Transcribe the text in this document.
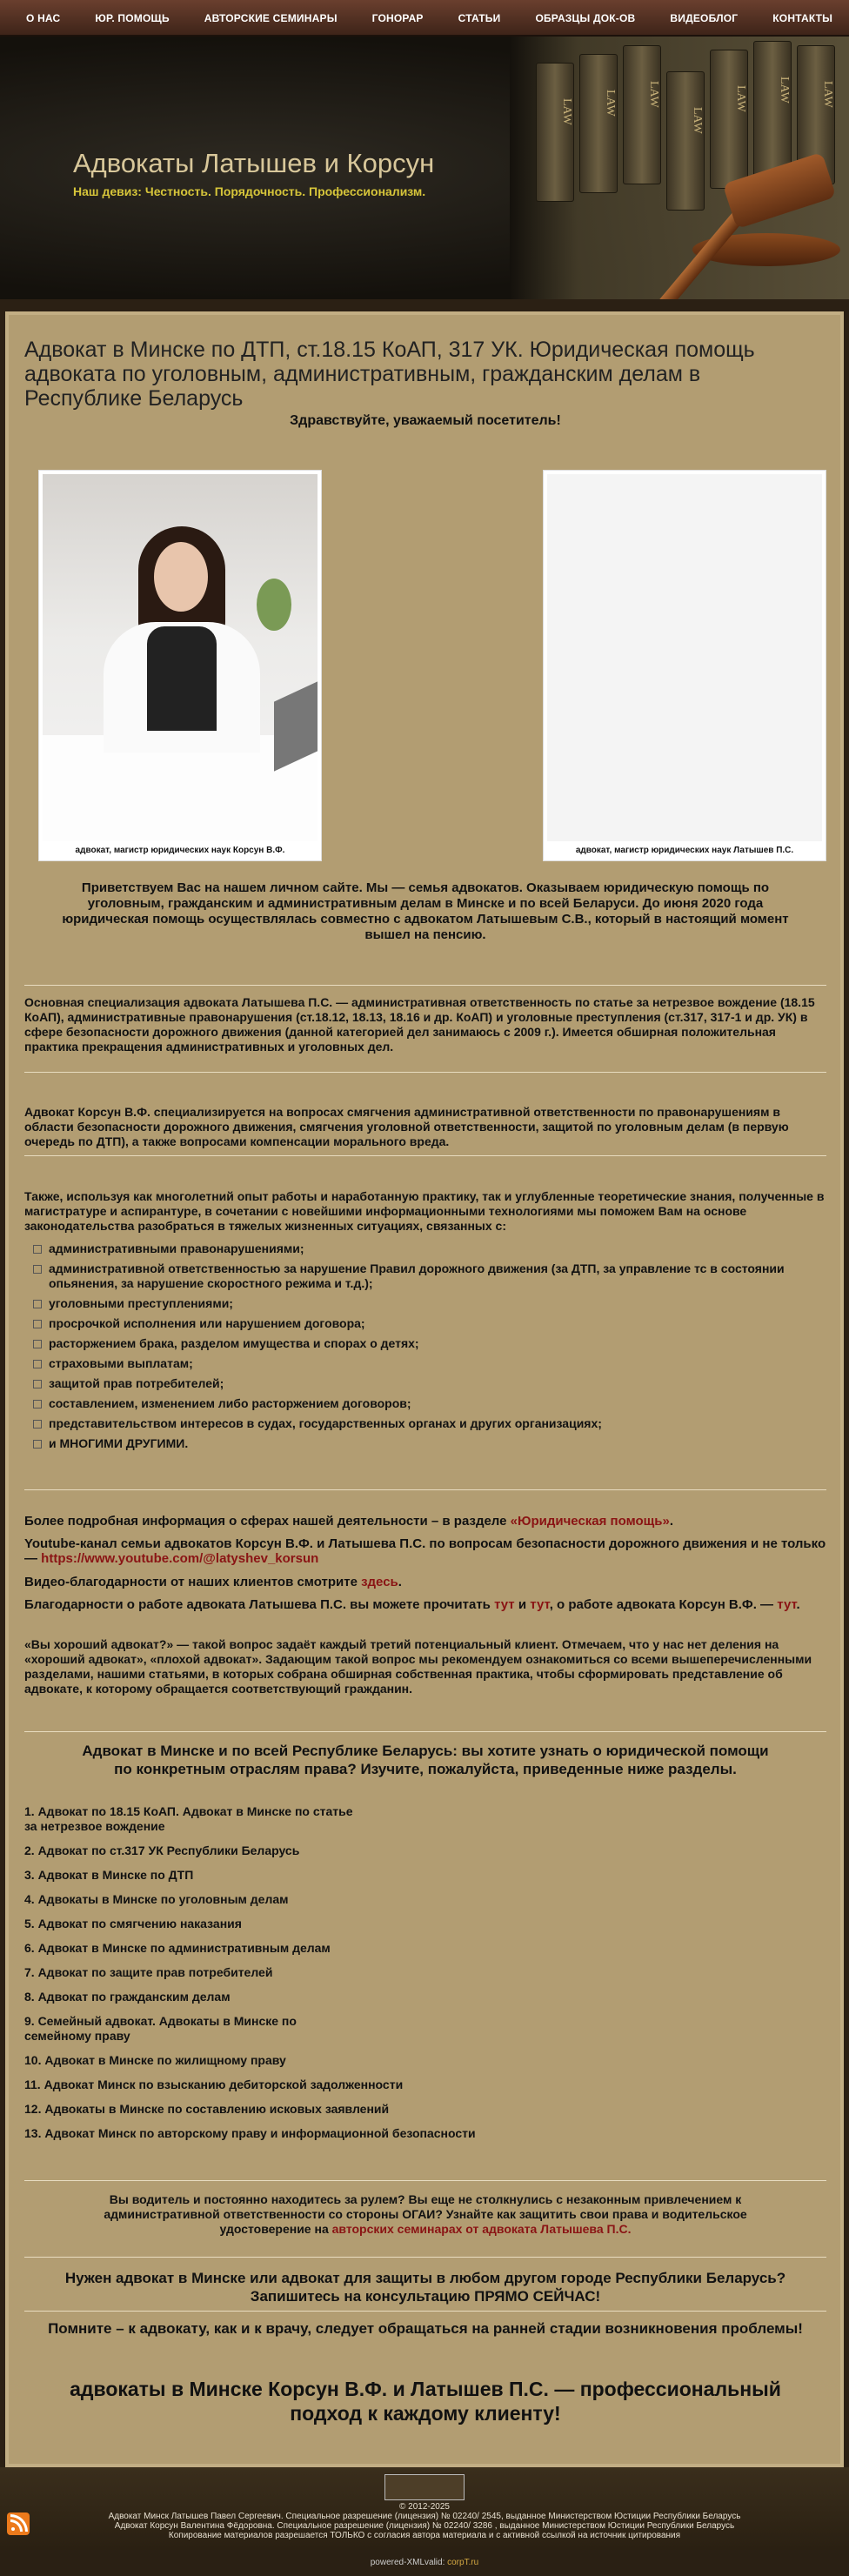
О НАС	ЮР. ПОМОЩЬ	АВТОРСКИЕ СЕМИНАРЫ	ГОНОРАР	СТАТЬИ	ОБРАЗЦЫ ДОК-ОВ	ВИДЕОБЛОГ	КОНТАКТЫ
LAW	LAW	LAW
LAW
LAW	LAW	LAW
Адвокаты Латышев и Корсун
Наш девиз: Честность. Порядочность. Профессионализм.
Адвокат в Минске по ДТП, ст.18.15 КоАП, 317 УК. Юридическая помощь адвоката по уголовным, административным, гражданским делам в Республике Беларусь
Здравствуйте, уважаемый посетитель!
адвокат, магистр юридических наук Корсун В.Ф.	адвокат, магистр юридических наук Латышев П.С.
Приветствуем Вас на нашем личном сайте. Мы — семья адвокатов. Оказываем юридическую помощь по уголовным, гражданским и административным делам в Минске и по всей Беларуси. До июня 2020 года юридическая помощь осуществлялась совместно с адвокатом Латышевым С.В., который в настоящий момент вышел на пенсию.
Основная специализация адвоката Латышева П.С. — административная ответственность по статье за нетрезвое вождение (18.15 КоАП), административные правонарушения (ст.18.12, 18.13, 18.16 и др. КоАП) и уголовные преступления (ст.317, 317-1 и др. УК) в сфере безопасности дорожного движения (данной категорией дел занимаюсь с 2009 г.). Имеется обширная положительная практика прекращения административных и уголовных дел.
Адвокат Корсун В.Ф. специализируется на вопросах смягчения административной ответственности по правонарушениям в области безопасности дорожного движения, смягчения уголовной ответственности, защитой по уголовным делам (в первую очередь по ДТП), а также вопросами компенсации морального вреда.
Также, используя как многолетний опыт работы и наработанную практику, так и углубленные теоретические знания, полученные в магистратуре и аспирантуре, в сочетании с новейшими информационными технологиями мы поможем Вам на основе законодательства разобраться в тяжелых жизненных ситуациях, связанных с:
административными правонарушениями;
административной ответственностью за нарушение Правил дорожного движения (за ДТП, за управление тс в состоянии опьянения, за нарушение скоростного режима и т.д.);
уголовными преступлениями;
просрочкой исполнения или нарушением договора;
расторжением брака, разделом имущества и спорах о детях;
страховыми выплатам;
защитой прав потребителей;
составлением, изменением либо расторжением договоров;
представительством интересов в судах, государственных органах и других организациях;
и МНОГИМИ ДРУГИМИ.
Более подробная информация о сферах нашей деятельности – в разделе «Юридическая помощь».
Youtube-канал семьи адвокатов Корсун В.Ф. и Латышева П.С. по вопросам безопасности дорожного движения и не только — https://www.youtube.com/@latyshev_korsun
Видео-благодарности от наших клиентов смотрите здесь.
Благодарности о работе адвоката Латышева П.С. вы можете прочитать тут и тут, о работе адвоката Корсун В.Ф. — тут.
«Вы хороший адвокат?» — такой вопрос задаёт каждый третий потенциальный клиент. Отмечаем, что у нас нет деления на «хороший адвокат», «плохой адвокат». Задающим такой вопрос мы рекомендуем ознакомиться со всеми вышеперечисленными разделами, нашими статьями, в которых собрана обширная собственная практика, чтобы сформировать представление об адвокате, к которому обращается соответствующий гражданин.
Адвокат в Минске и по всей Республике Беларусь: вы хотите узнать о юридической помощи по конкретным отраслям права? Изучите, пожалуйста, приведенные ниже разделы.
1. Адвокат по 18.15 КоАП. Адвокат в Минске по статье за нетрезвое вождение
2. Адвокат по ст.317 УК Республики Беларусь
3. Адвокат в Минске по ДТП
4. Адвокаты в Минске по уголовным делам
5. Адвокат по смягчению наказания
6. Адвокат в Минске по административным делам
7. Адвокат по защите прав потребителей
8. Адвокат по гражданским делам
9. Семейный адвокат. Адвокаты в Минске по семейному праву
10. Адвокат в Минске по жилищному праву
11. Адвокат Минск по взысканию дебиторской задолженности
12. Адвокаты в Минске по составлению исковых заявлений
13. Адвокат Минск по авторскому праву и информационной безопасности
Вы водитель и постоянно находитесь за рулем? Вы еще не столкнулись с незаконным привлечением к административной ответственности со стороны ОГАИ? Узнайте как защитить свои права и водительское удостоверение на авторских семинарах от адвоката Латышева П.С.
Нужен адвокат в Минске или адвокат для защиты в любом другом городе Республики Беларусь? Запишитесь на консультацию ПРЯМО СЕЙЧАС!
Помните – к адвокату, как и к врачу, следует обращаться на ранней стадии возникновения проблемы!
адвокаты в Минске Корсун В.Ф. и Латышев П.С. — профессиональный подход к каждому клиенту!
© 2012-2025
Адвокат Минск Латышев Павел Сергеевич. Специальное разрешение (лицензия) № 02240/ 2545, выданное Министерством Юстиции Республики Беларусь
Адвокат Корсун Валентина Фёдоровна. Специальное разрешение (лицензия) № 02240/ 3286 , выданное Министерством Юстиции Республики Беларусь
Копирование материалов разрешается ТОЛЬКО с согласия автора материала и с активной ссылкой на источник цитирования
powered-XMLvalid: corpT.ru
